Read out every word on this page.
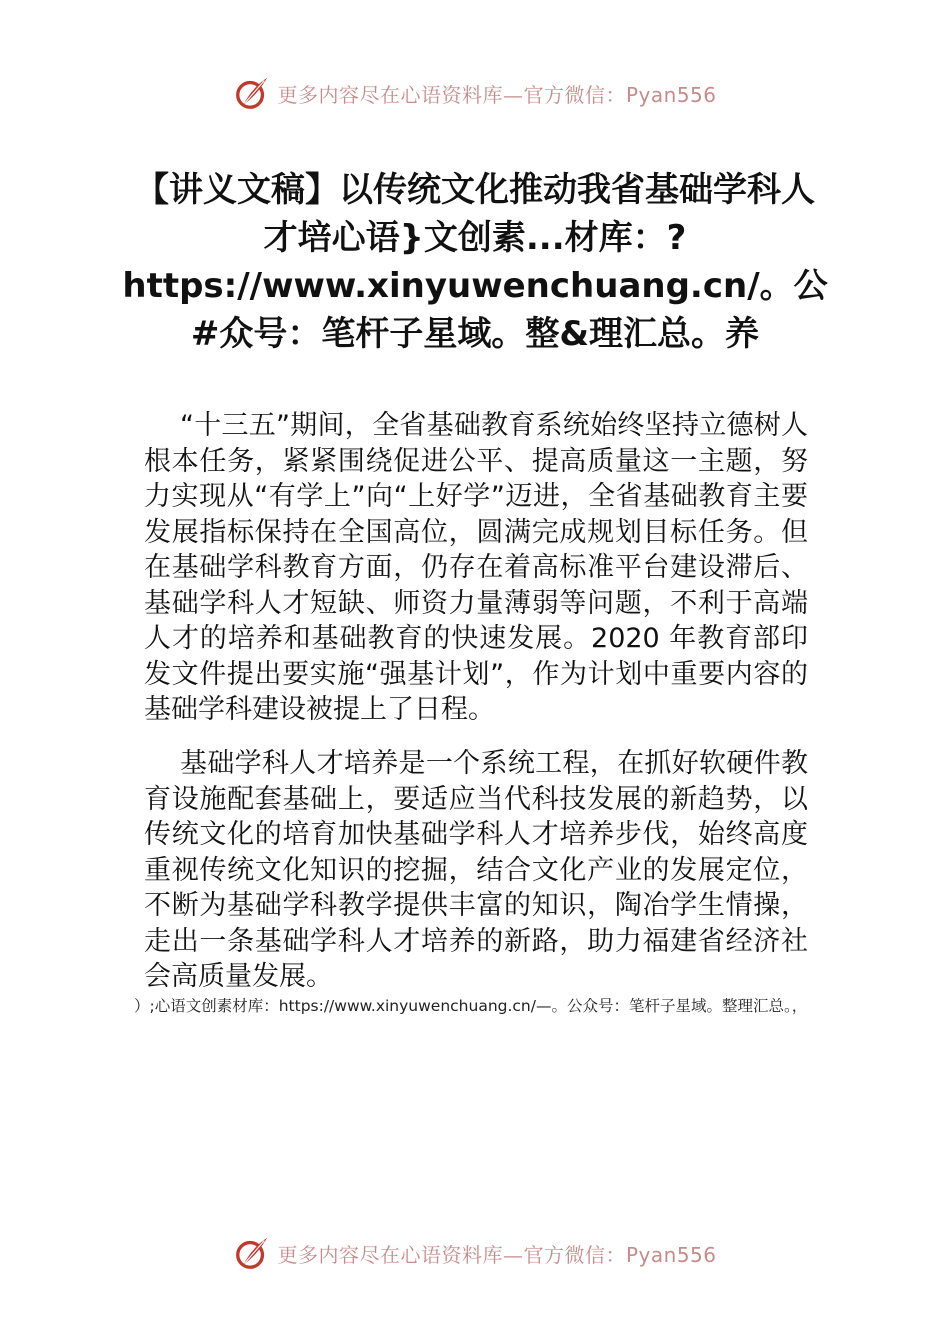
更多内容尽在心语资料库—官方微信：Pyan556
【讲义文稿】以传统文化推动我省基础学科人才培心语}文创素...材库：?https://www.xinyuwenchuang.cn/。公#众号：笔杆子星域。整&理汇总。养

“十三五”期间，全省基础教育系统始终坚持立德树人根本任务，紧紧围绕促进公平、提高质量这一主题，努力实现从“有学上”向“上好学”迈进，全省基础教育主要发展指标保持在全国高位，圆满完成规划目标任务。但在基础学科教育方面，仍存在着高标准平台建设滞后、基础学科人才短缺、师资力量薄弱等问题，不利于高端人才的培养和基础教育的快速发展。2020 年教育部印发文件提出要实施“强基计划”，作为计划中重要内容的基础学科建设被提上了日程。

基础学科人才培养是一个系统工程，在抓好软硬件教育设施配套基础上，要适应当代科技发展的新趋势，以传统文化的培育加快基础学科人才培养步伐，始终高度重视传统文化知识的挖掘，结合文化产业的发展定位，不断为基础学科教学提供丰富的知识，陶冶学生情操，走出一条基础学科人才培养的新路，助力福建省经济社会高质量发展。

）;心语文创素材库：https://www.xinyuwenchuang.cn/—。公众号：笔杆子星域。整理汇总。，

更多内容尽在心语资料库—官方微信：Pyan556
